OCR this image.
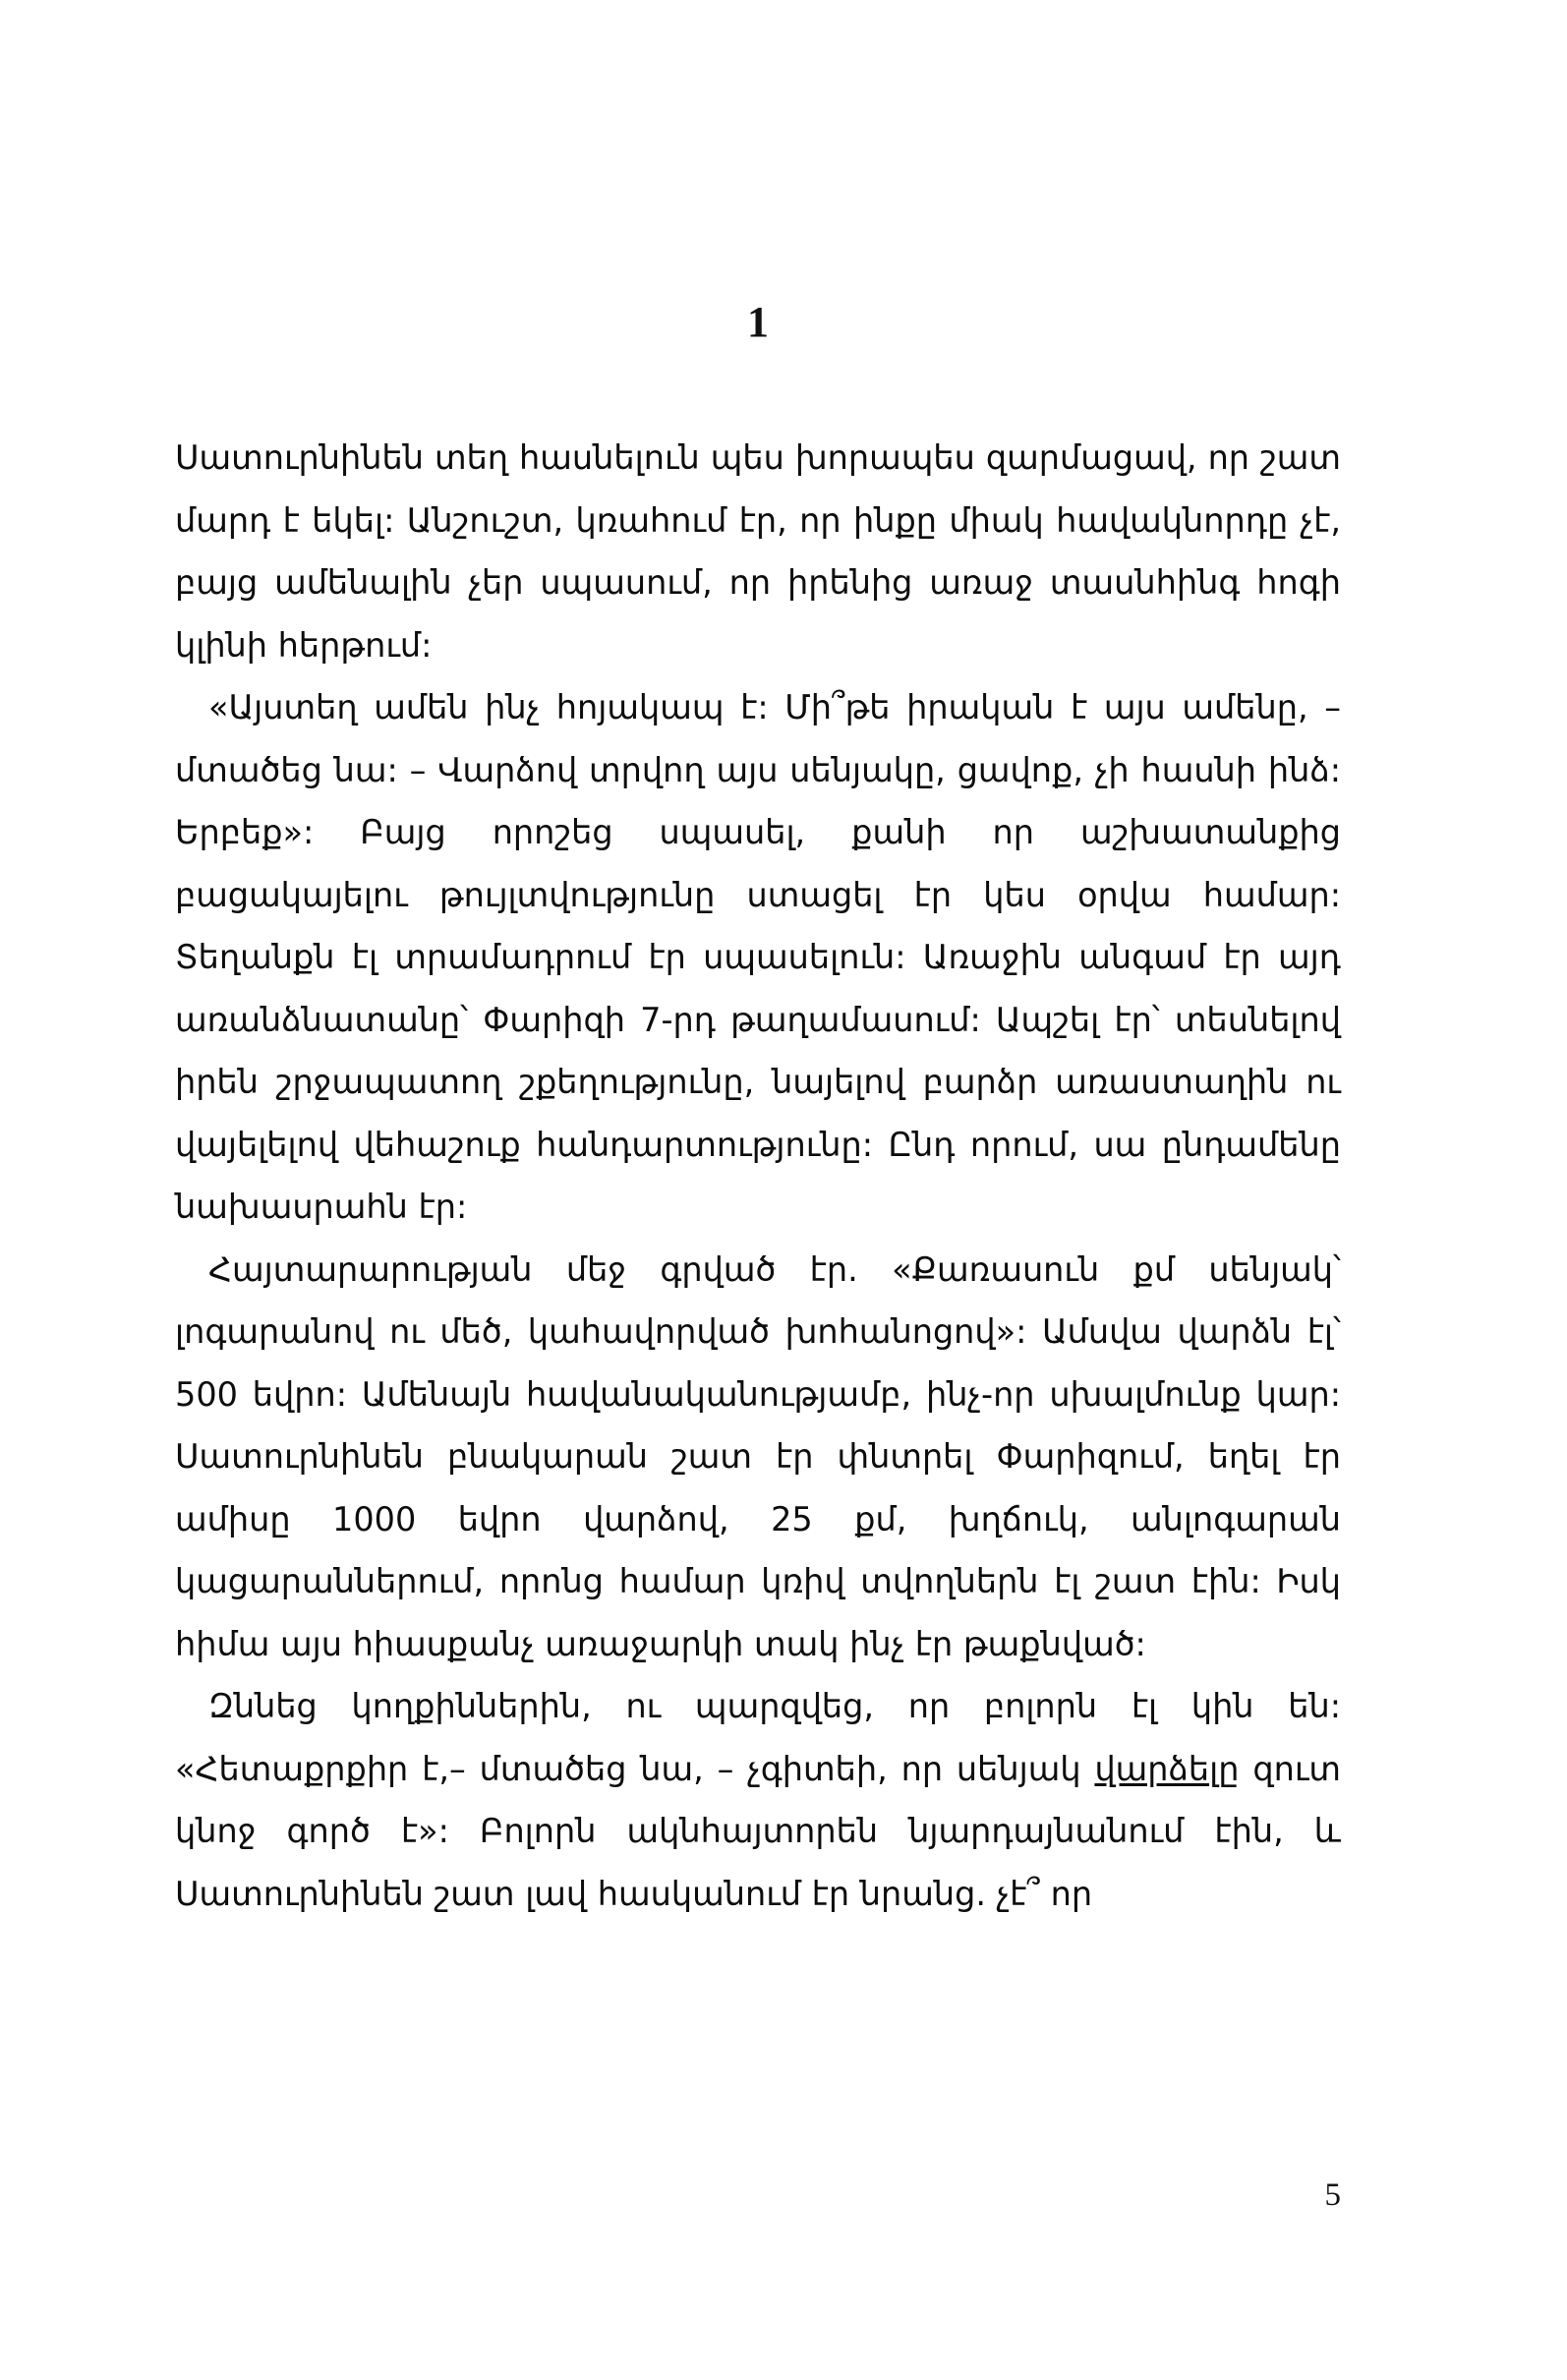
1

Սատուրնինեն տեղ հասնելուն պես խորապես զարմացավ, որ շատ մարդ է եկել: Անշուշտ, կռահում էր, որ ինքը միակ հավակնորդը չէ, բայց ամենալին չեր սպասում, որ իրենից առաջ տասնհինգ հոգի կլինի հերթում:

«Այստեղ ամեն ինչ հոյակապ է: Մի՞թե իրական է այս ամենը, – մտածեց նա: – Վարձով տրվող այս սենյակը, ցավոք, չի հասնի ինձ: Երբեք»: Բայց որոշեց սպասել, քանի որ աշխատանքից բացակայելու թույլտվությունը ստացել էր կես օրվա համար: Տեղանքն էլ տրամադրում էր սպասելուն: Առաջին անգամ էր այդ առանձնատանը՝ Փարիզի 7-րդ թաղամասում: Ապշել էր՝ տեսնելով իրեն շրջապատող շքեղությունը, նայելով բարձր առաստաղին ու վայելելով վեհաշուք հանդարտությունը: Ընդ որում, սա ընդամենը նախասրահն էր:

Հայտարարության մեջ գրված էր. «Քառասուն քմ սենյակ՝ լոգարանով ու մեծ, կահավորված խոհանոցով»: Ամսվա վարձն էլ՝ 500 եվրո: Ամենայն հավանականությամբ, ինչ-որ սխալմունք կար: Սատուրնինեն բնակարան շատ էր փնտրել Փարիզում, եղել էր ամիսը 1000 եվրո վարձով, 25 քմ, խղճուկ, անլոգարան կացարաններում, որոնց համար կռիվ տվողներն էլ շատ էին: Իսկ հիմա այս հիասքանչ առաջարկի տակ ինչ էր թաքնված:

Զննեց կողքիններին, ու պարզվեց, որ բոլորն էլ կին են: «Հետաքրքիր է,– մտածեց նա, – չգիտեի, որ սենյակ վարձելը զուտ կնոջ գործ է»: Բոլորն ակնհայտորեն նյարդայնանում էին, և Սատուրնինեն շատ լավ հասկանում էր նրանց. չէ՞ որ

5
